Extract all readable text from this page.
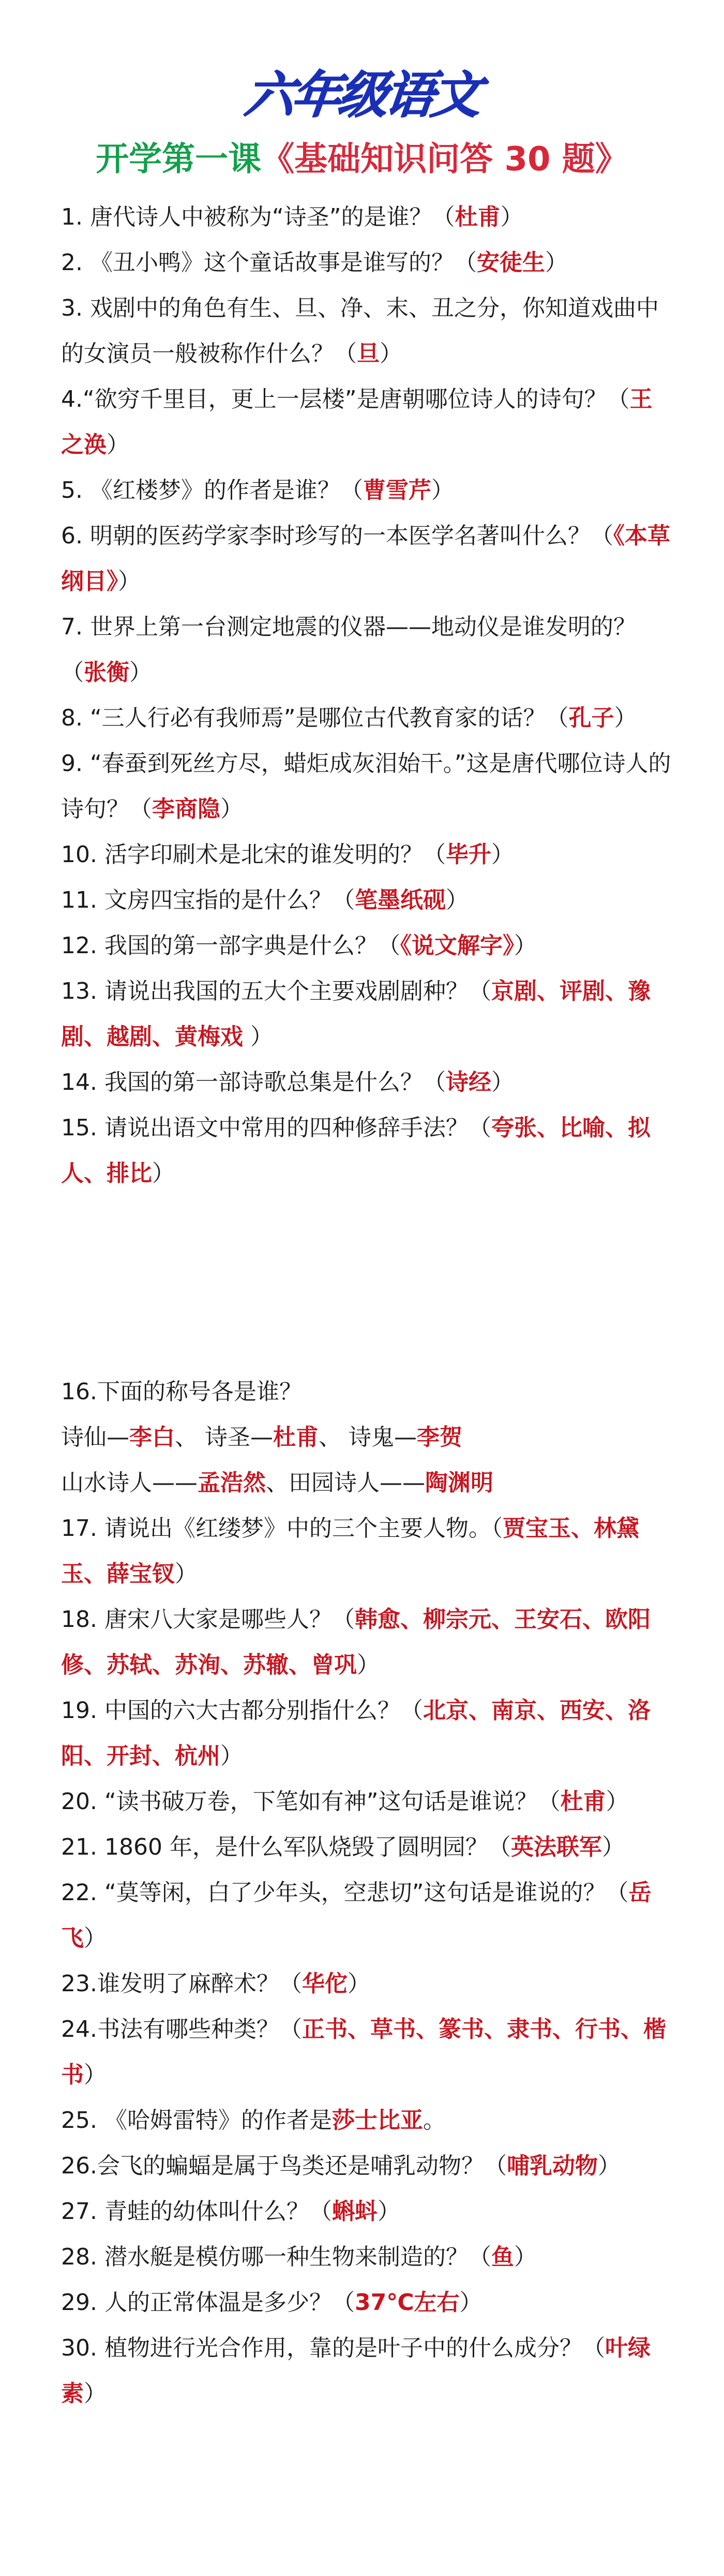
六年级语文
开学第一课《基础知识问答 30 题》

1. 唐代诗人中被称为“诗圣”的是谁？（杜甫）

2. 《丑小鸭》这个童话故事是谁写的？（安徒生）

3. 戏剧中的角色有生、旦、净、末、丑之分，你知道戏曲中的女演员一般被称作什么？（旦）

4.“欲穷千里目，更上一层楼”是唐朝哪位诗人的诗句？（王之涣）

5. 《红楼梦》的作者是谁？（曹雪芹）

6. 明朝的医药学家李时珍写的一本医学名著叫什么？（《本草纲目》）

7. 世界上第一台测定地震的仪器——地动仪是谁发明的？（张衡）

8. “三人行必有我师焉”是哪位古代教育家的话？（孔子）

9. “春蚕到死丝方尽，蜡炬成灰泪始干。”这是唐代哪位诗人的诗句？（李商隐）

10. 活字印刷术是北宋的谁发明的？（毕升）

11. 文房四宝指的是什么？（笔墨纸砚）

12. 我国的第一部字典是什么？（《说文解字》）

13. 请说出我国的五大个主要戏剧剧种？（京剧、评剧、豫剧、越剧、黄梅戏 ）

14. 我国的第一部诗歌总集是什么？（诗经）

15. 请说出语文中常用的四种修辞手法？（夸张、比喻、拟人、排比）

16.下面的称号各是谁？

诗仙—李白、 诗圣—杜甫、 诗鬼—李贺

山水诗人——孟浩然、田园诗人——陶渊明

17. 请说出《红缕梦》中的三个主要人物。（贾宝玉、林黛玉、薛宝钗）

18. 唐宋八大家是哪些人？（韩愈、柳宗元、王安石、欧阳修、苏轼、苏洵、苏辙、曾巩）

19. 中国的六大古都分别指什么？（北京、南京、西安、洛阳、开封、杭州）

20. “读书破万卷，下笔如有神”这句话是谁说？（杜甫）

21. 1860 年，是什么军队烧毁了圆明园？（英法联军）

22. “莫等闲，白了少年头，空悲切”这句话是谁说的？（岳飞）

23.谁发明了麻醉术？（华佗）

24.书法有哪些种类？（正书、草书、篆书、隶书、行书、楷书）

25. 《哈姆雷特》的作者是莎士比亚。

26.会飞的蝙蝠是属于鸟类还是哺乳动物？（哺乳动物）

27. 青蛙的幼体叫什么？（蝌蚪）

28. 潜水艇是模仿哪一种生物来制造的？（鱼）

29. 人的正常体温是多少？（37℃左右）

30. 植物进行光合作用，靠的是叶子中的什么成分？（叶绿素）
